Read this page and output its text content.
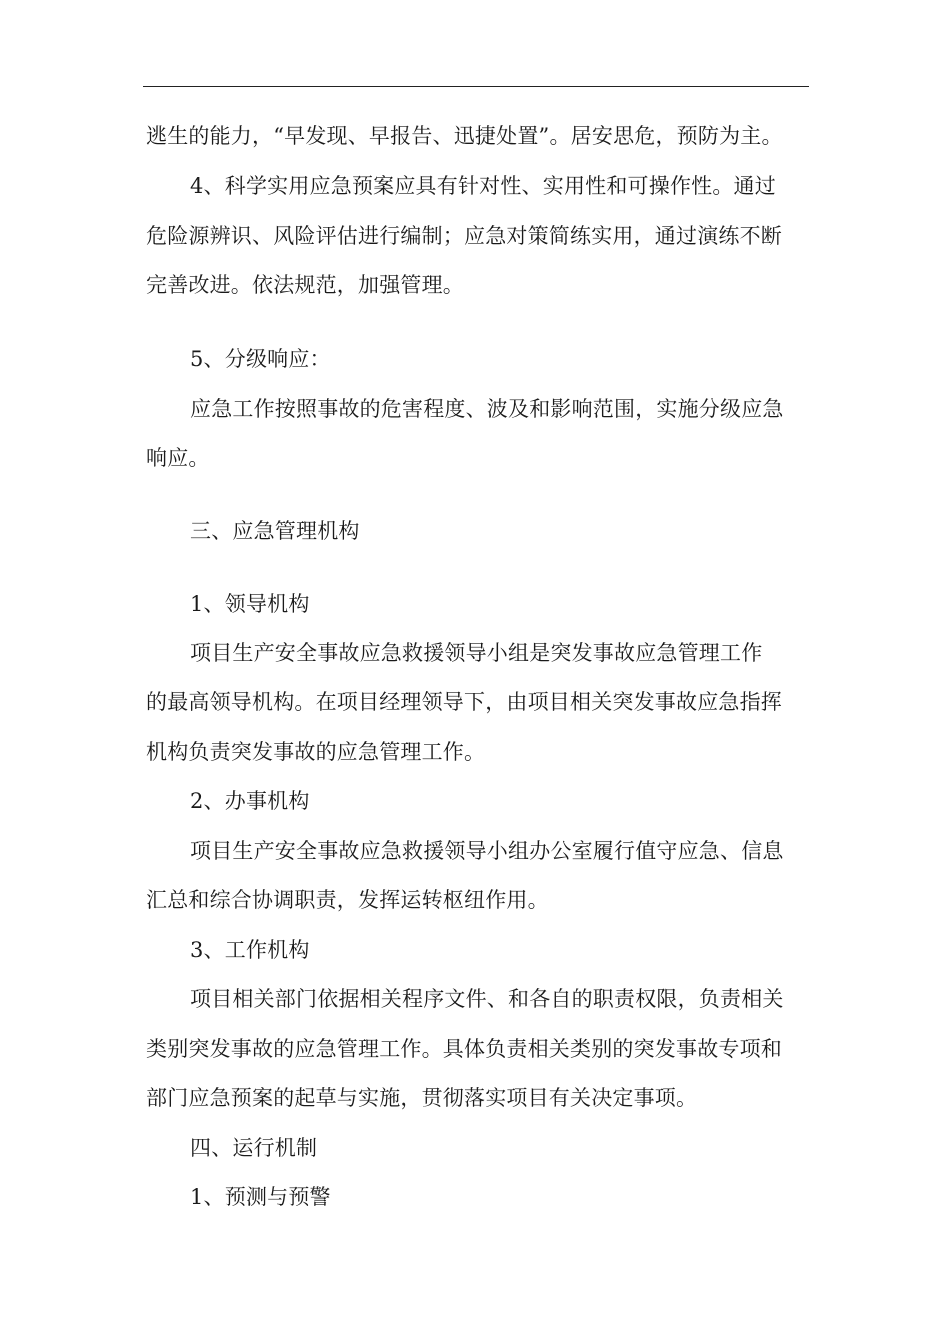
逃生的能力，“早发现、早报告、迅捷处置”。居安思危，预防为主。
4、科学实用应急预案应具有针对性、实用性和可操作性。通过
危险源辨识、风险评估进行编制；应急对策简练实用，通过演练不断
完善改进。依法规范，加强管理。
5、分级响应：
应急工作按照事故的危害程度、波及和影响范围，实施分级应急
响应。
三、应急管理机构
1、领导机构
项目生产安全事故应急救援领导小组是突发事故应急管理工作
的最高领导机构。在项目经理领导下，由项目相关突发事故应急指挥
机构负责突发事故的应急管理工作。
2、办事机构
项目生产安全事故应急救援领导小组办公室履行值守应急、信息
汇总和综合协调职责，发挥运转枢纽作用。
3、工作机构
项目相关部门依据相关程序文件、和各自的职责权限，负责相关
类别突发事故的应急管理工作。具体负责相关类别的突发事故专项和
部门应急预案的起草与实施，贯彻落实项目有关决定事项。
四、运行机制
1、预测与预警
